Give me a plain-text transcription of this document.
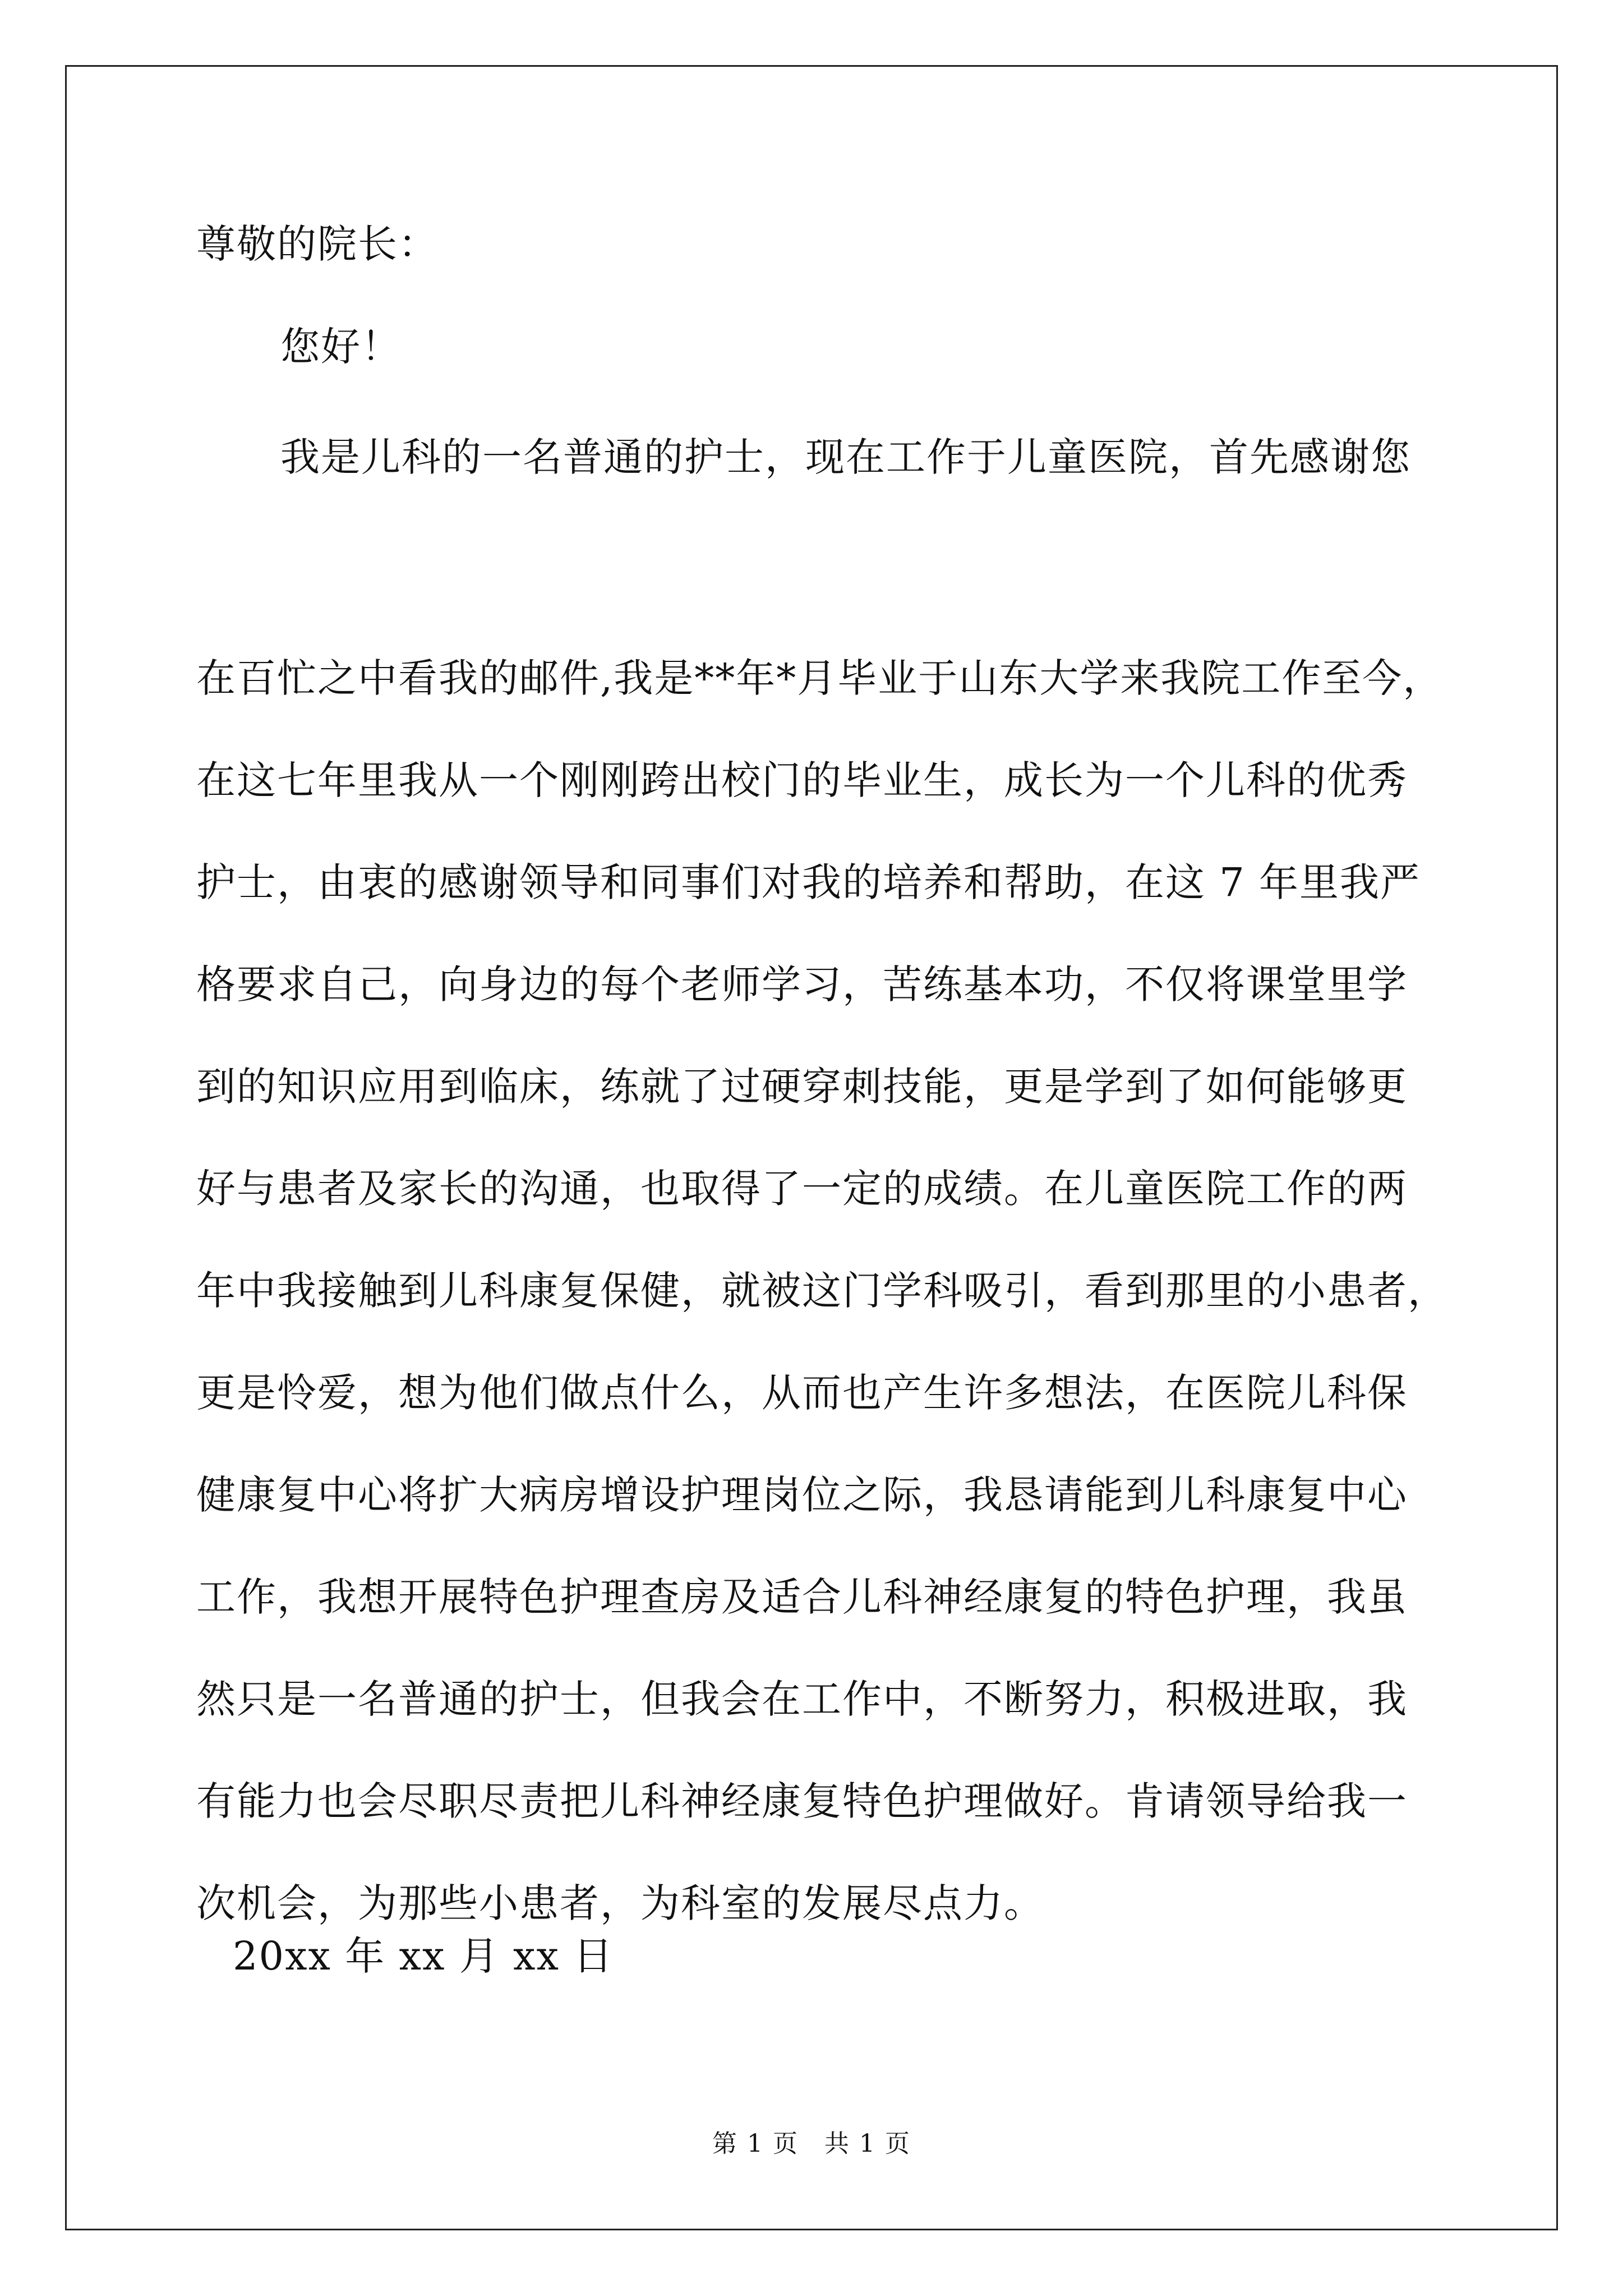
尊敬的院长：
您好！
我是儿科的一名普通的护士，现在工作于儿童医院，首先感谢您
在百忙之中看我的邮件,我是**年*月毕业于山东大学来我院工作至今，
在这七年里我从一个刚刚跨出校门的毕业生，成长为一个儿科的优秀
护士，由衷的感谢领导和同事们对我的培养和帮助，在这 7 年里我严
格要求自己，向身边的每个老师学习，苦练基本功，不仅将课堂里学
到的知识应用到临床，练就了过硬穿刺技能，更是学到了如何能够更
好与患者及家长的沟通，也取得了一定的成绩。在儿童医院工作的两
年中我接触到儿科康复保健，就被这门学科吸引，看到那里的小患者，
更是怜爱，想为他们做点什么，从而也产生许多想法，在医院儿科保
健康复中心将扩大病房增设护理岗位之际，我恳请能到儿科康复中心
工作，我想开展特色护理查房及适合儿科神经康复的特色护理，我虽
然只是一名普通的护士，但我会在工作中，不断努力，积极进取，我
有能力也会尽职尽责把儿科神经康复特色护理做好。肯请领导给我一
次机会，为那些小患者，为科室的发展尽点力。
20xx 年 xx 月 xx 日
第 1 页　共 1 页
